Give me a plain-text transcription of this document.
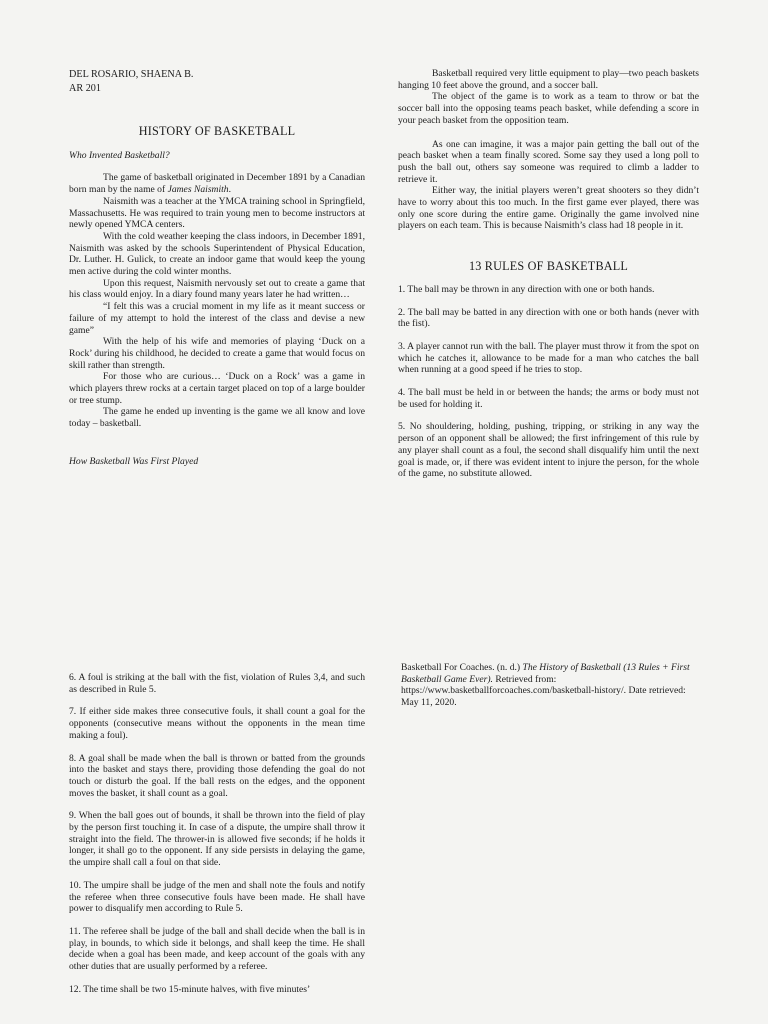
DEL ROSARIO, SHAENA B.

AR 201

HISTORY OF BASKETBALL

Who Invented Basketball?

The game of basketball originated in December 1891 by a Canadian born man by the name of James Naismith.

Naismith was a teacher at the YMCA training school in Springfield, Massachusetts. He was required to train young men to become instructors at newly opened YMCA centers.

With the cold weather keeping the class indoors, in December 1891, Naismith was asked by the schools Superintendent of Physical Education, Dr. Luther. H. Gulick, to create an indoor game that would keep the young men active during the cold winter months.

Upon this request, Naismith nervously set out to create a game that his class would enjoy. In a diary found many years later he had written…

“I felt this was a crucial moment in my life as it meant success or failure of my attempt to hold the interest of the class and devise a new game”

With the help of his wife and memories of playing ‘Duck on a Rock’ during his childhood, he decided to create a game that would focus on skill rather than strength.

For those who are curious… ‘Duck on a Rock’ was a game in which players threw rocks at a certain target placed on top of a large boulder or tree stump.

The game he ended up inventing is the game we all know and love today – basketball.

How Basketball Was First Played

Basketball required very little equipment to play—two peach baskets hanging 10 feet above the ground, and a soccer ball.

The object of the game is to work as a team to throw or bat the soccer ball into the opposing teams peach basket, while defending a score in your peach basket from the opposition team.

As one can imagine, it was a major pain getting the ball out of the peach basket when a team finally scored. Some say they used a long poll to push the ball out, others say someone was required to climb a ladder to retrieve it.

Either way, the initial players weren’t great shooters so they didn’t have to worry about this too much. In the first game ever played, there was only one score during the entire game. Originally the game involved nine players on each team. This is because Naismith’s class had 18 people in it.

13 RULES OF BASKETBALL

1. The ball may be thrown in any direction with one or both hands.

2. The ball may be batted in any direction with one or both hands (never with the fist).

3. A player cannot run with the ball. The player must throw it from the spot on which he catches it, allowance to be made for a man who catches the ball when running at a good speed if he tries to stop.

4. The ball must be held in or between the hands; the arms or body must not be used for holding it.

5. No shouldering, holding, pushing, tripping, or striking in any way the person of an opponent shall be allowed; the first infringement of this rule by any player shall count as a foul, the second shall disqualify him until the next goal is made, or, if there was evident intent to injure the person, for the whole of the game, no substitute allowed.

6. A foul is striking at the ball with the fist, violation of Rules 3,4, and such as described in Rule 5.

7. If either side makes three consecutive fouls, it shall count a goal for the opponents (consecutive means without the opponents in the mean time making a foul).

8. A goal shall be made when the ball is thrown or batted from the grounds into the basket and stays there, providing those defending the goal do not touch or disturb the goal. If the ball rests on the edges, and the opponent moves the basket, it shall count as a goal.

9. When the ball goes out of bounds, it shall be thrown into the field of play by the person first touching it. In case of a dispute, the umpire shall throw it straight into the field. The thrower-in is allowed five seconds; if he holds it longer, it shall go to the opponent. If any side persists in delaying the game, the umpire shall call a foul on that side.

10. The umpire shall be judge of the men and shall note the fouls and notify the referee when three consecutive fouls have been made. He shall have power to disqualify men according to Rule 5.

11. The referee shall be judge of the ball and shall decide when the ball is in play, in bounds, to which side it belongs, and shall keep the time. He shall decide when a goal has been made, and keep account of the goals with any other duties that are usually performed by a referee.

12. The time shall be two 15-minute halves, with five minutes’

Basketball For Coaches. (n. d.) The History of Basketball (13 Rules + First Basketball Game Ever). Retrieved from: https://www.basketballforcoaches.com/basketball-history/. Date retrieved: May 11, 2020.
